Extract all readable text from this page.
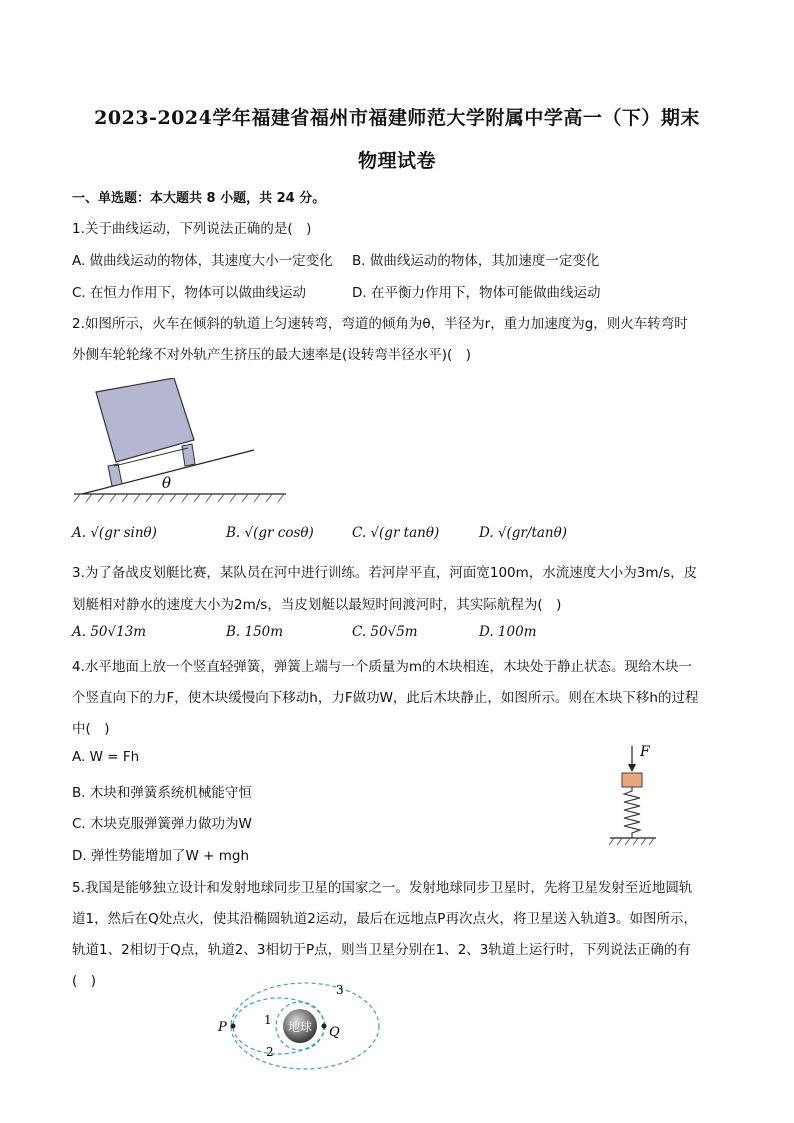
2023-2024学年福建省福州市福建师范大学附属中学高一（下）期末
物理试卷
一、单选题：本大题共 8 小题，共 24 分。
1.关于曲线运动，下列说法正确的是(　)
A. 做曲线运动的物体，其速度大小一定变化 B. 做曲线运动的物体，其加速度一定变化
C. 在恒力作用下，物体可以做曲线运动	D. 在平衡力作用下，物体可能做曲线运动
2.如图所示，火车在倾斜的轨道上匀速转弯，弯道的倾角为θ，半径为r，重力加速度为g，则火车转弯时
外侧车轮轮缘不对外轨产生挤压的最大速率是(设转弯半径水平)(　)
θ
A. √(gr sinθ)	B. √(gr cosθ)	C. √(gr tanθ)	D. √(gr/tanθ)
3.为了备战皮划艇比赛，某队员在河中进行训练。若河岸平直，河面宽100m，水流速度大小为3m/s，皮
划艇相对静水的速度大小为2m/s，当皮划艇以最短时间渡河时，其实际航程为(　)
A. 50√13m	B. 150m	C. 50√5m	D. 100m
4.水平地面上放一个竖直轻弹簧，弹簧上端与一个质量为m的木块相连，木块处于静止状态。现给木块一
个竖直向下的力F，使木块缓慢向下移动h，力F做功W，此后木块静止，如图所示。则在木块下移h的过程
中(　)
A. W = Fh
B. 木块和弹簧系统机械能守恒
C. 木块克服弹簧弹力做功为W
D. 弹性势能增加了W + mgh
F
5.我国是能够独立设计和发射地球同步卫星的国家之一。发射地球同步卫星时，先将卫星发射至近地圆轨
道1，然后在Q处点火，使其沿椭圆轨道2运动，最后在远地点P再次点火，将卫星送入轨道3。如图所示，
轨道1、2相切于Q点，轨道2、3相切于P点，则当卫星分别在1、2、3轨道上运行时，下列说法正确的有
(　)
地球
P	Q
1
2
3
